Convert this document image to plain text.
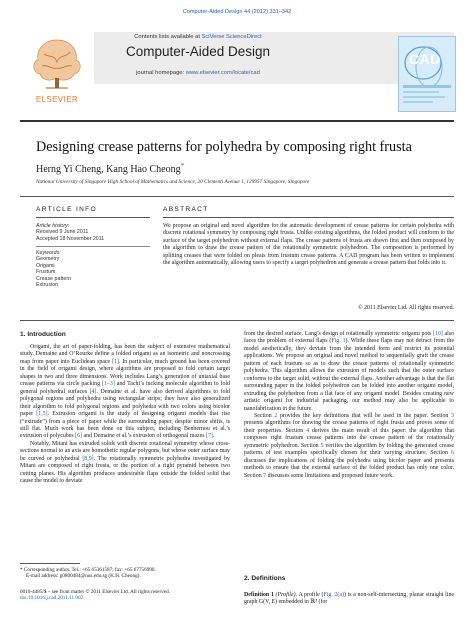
Computer-Aided Design 44 (2012) 331–342
ELSEVIER
Contents lists available at SciVerse ScienceDirect
Computer-Aided Design
journal homepage: www.elsevier.com/locate/cad
CAD
Designing crease patterns for polyhedra by composing right frusta
Herng Yi Cheng, Kang Hao Cheong*
National University of Singapore High School of Mathematics and Science, 20 Clementi Avenue 1, 129957 Singapore, Singapore
ARTICLE INFO	ABSTRACT
Article history:
Received 9 June 2011
Accepted 18 November 2011
Keywords:
Geometry
Origami
Frustum
Crease pattern
Extrusion
We propose an original and novel algorithm for the automatic development of crease patterns for certain polyhedra with discrete rotational symmetry by composing right frusta. Unlike existing algorithms, the folded product will conform to the surface of the target polyhedron without external flaps. The crease patterns of frusta are drawn first and then composed by the algorithm to draw the crease pattern of the rotationally symmetric polyhedron. The composition is performed by splitting creases that were folded on pleats from frustum crease patterns. A CAD program has been written to implement the algorithm automatically, allowing users to specify a target polyhedron and generate a crease pattern that folds into it.
© 2011 Elsevier Ltd. All rights reserved.
1. Introduction

Origami, the art of paper-folding, has been the subject of extensive mathematical study. Demaine and O’Rourke define a folded origami as an isometric and noncrossing map from paper into Euclidean space [1]. In particular, much ground has been covered in the field of origami design, where algorithms are proposed to fold certain target shapes in two and three dimensions. Work includes Lang’s generation of uniaxial base crease patterns via circle packing [1–3] and Tachi’s tucking molecule algorithm to fold general polyhedral surfaces [4]. Demaine et al. have also derived algorithms to fold polygonal regions and polyhedra using rectangular strips; they have also generalized their algorithm to fold polygonal regions and polyhedra with two colors using bicolor paper [1,5]. Extrusion origami is the study of designing origami models that rise (“extrude”) from a piece of paper while the surrounding paper, despite minor shifts, is still flat. Much work has been done on this subject, including Benbernou et al.’s extrusion of polycubes [6] and Demaine et al.’s extrusion of orthogonal mazes [7].

Notably, Mitani has extruded solids with discrete rotational symmetry whose cross-sections normal to an axis are homothetic regular polygons, but whose outer surface may be curved or polyhedral [8,9]. The rotationally symmetric polyhedra investigated by Mitani are composed of right frusta, or the portion of a right pyramid between two cutting planes. His algorithm produces undesirable flaps outside the folded solid that cause the model to deviate

from the desired surface. Lang’s design of rotationally symmetric origami pots [10] also faces the problem of external flaps (Fig. 1). While these flaps may not detract from the model aesthetically, they deviate from the intended form and restrict its potential applications. We propose an original and novel method to sequentially graft the crease pattern of each frustum so as to draw the crease patterns of rotationally symmetric polyhedra. This algorithm allows the extrusion of models such that the outer surface conforms to the target solid, without the external flaps. Another advantage is that the flat surrounding paper in the folded polyhedron can be folded into another origami model, extruding the polyhedron from a flat face of any origami model. Besides creating new artistic origami for industrial packaging, our method may also be applicable to nanofabrication in the future.

Section 2 provides the key definitions that will be used in the paper. Section 3 presents algorithms for drawing the crease patterns of right frusta and proves some of their properties. Section 4 derives the main result of this paper: the algorithm that composes right frustum crease patterns into the crease pattern of the rotationally symmetric polyhedron. Section 5 verifies the algorithm by folding the generated crease patterns of test examples specifically chosen for their varying structure. Section 6 discusses the implications of folding the polyhedra using bicolor paper and presents methods to ensure that the external surface of the folded product has only one color. Section 7 discusses some limitations and proposed future work.

2. Definitions

Definition 1 (Profile). A profile (Fig. 2(a)) is a non-self-intersecting, planar straight line graph G(V, E) embedded in ℝ³ (for

* Corresponding author. Tel.: +65 65361587; fax: +65 67756990.
E-mail address: g0800484@nus.edu.sg (K.H. Cheong).
0010-4485/$ – see front matter © 2011 Elsevier Ltd. All rights reserved.
doi:10.1016/j.cad.2011.11.002
